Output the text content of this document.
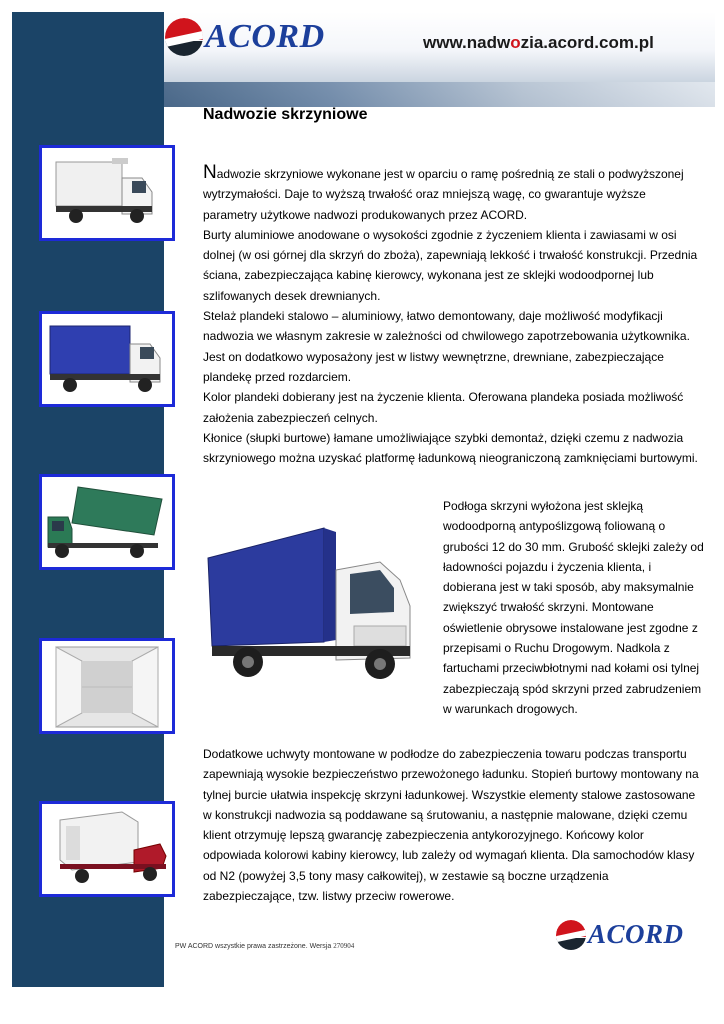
ACORD	www.nadwozia.acord.com.pl
Nadwozie skrzyniowe
Nadwozie skrzyniowe wykonane jest w oparciu o ramę pośrednią ze stali o podwyższonej wytrzymałości. Daje to wyższą trwałość oraz mniejszą wagę, co gwarantuje wyższe parametry użytkowe nadwozi produkowanych przez ACORD.
Burty aluminiowe anodowane o wysokości zgodnie z życzeniem klienta i zawiasami w osi dolnej (w osi górnej dla skrzyń do zboża), zapewniają lekkość i trwałość konstrukcji. Przednia ściana, zabezpieczająca kabinę kierowcy, wykonana jest ze sklejki wodoodpornej lub szlifowanych desek drewnianych.
Stelaż plandeki stalowo – aluminiowy, łatwo demontowany, daje możliwość modyfikacji nadwozia we własnym zakresie w zależności od chwilowego zapotrzebowania użytkownika. Jest on dodatkowo wyposażony jest w listwy wewnętrzne, drewniane, zabezpieczające plandekę przed rozdarciem.
Kolor plandeki dobierany jest na życzenie klienta. Oferowana plandeka posiada możliwość założenia zabezpieczeń celnych.
Kłonice (słupki burtowe) łamane umożliwiające szybki demontaż, dzięki czemu z nadwozia skrzyniowego można uzyskać platformę ładunkową nieograniczoną zamknięciami burtowymi.
Podłoga skrzyni wyłożona jest sklejką wodoodporną antypoślizgową foliowaną o grubości 12 do 30 mm. Grubość sklejki zależy od ładowności pojazdu i życzenia klienta, i dobierana jest w taki sposób, aby maksymalnie zwiększyć trwałość skrzyni. Montowane oświetlenie obrysowe instalowane jest zgodne z przepisami o Ruchu Drogowym. Nadkola z fartuchami przeciwbłotnymi nad kołami osi tylnej zabezpieczają spód skrzyni przed zabrudzeniem w warunkach drogowych.
Dodatkowe uchwyty montowane w podłodze do zabezpieczenia towaru podczas transportu zapewniają wysokie bezpieczeństwo przewożonego ładunku. Stopień burtowy montowany na tylnej burcie ułatwia inspekcję skrzyni ładunkowej. Wszystkie elementy stalowe zastosowane w konstrukcji nadwozia są poddawane są śrutowaniu, a następnie malowane, dzięki czemu klient otrzymuję lepszą gwarancję zabezpieczenia antykorozyjnego. Końcowy kolor odpowiada kolorowi kabiny kierowcy, lub zależy od wymagań klienta. Dla samochodów klasy od N2 (powyżej 3,5 tony masy całkowitej), w zestawie są boczne urządzenia zabezpieczające, tzw. listwy przeciw rowerowe.
PW ACORD wszystkie prawa zastrzeżone. Wersja 270904	ACORD
